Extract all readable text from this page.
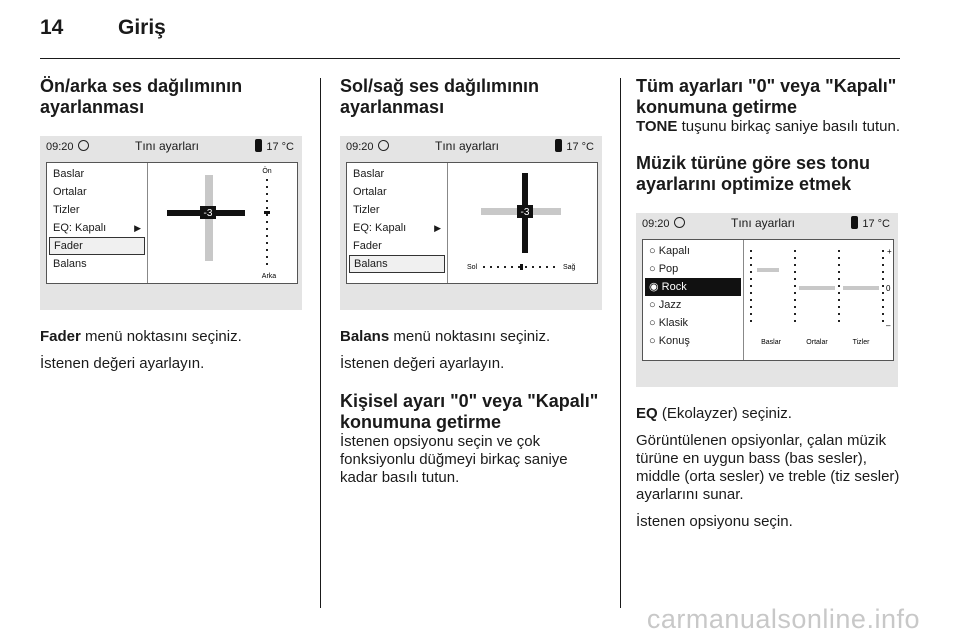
14	Giriş
Ön/arka ses dağılımının ayarlanması
09:20	Tını ayarları	17 °C
Baslar
Ortalar
Tizler
EQ: Kapalı	▶
Fader
Balans
-3
Ön
Arka

Fader menü noktasını seçiniz.

İstenen değeri ayarlayın.

Sol/sağ ses dağılımının ayarlanması
09:20	Tını ayarları	17 °C
Baslar
Ortalar
Tizler
EQ: Kapalı	▶
Fader
Balans
-3
Sol	Sağ

Balans menü noktasını seçiniz.

İstenen değeri ayarlayın.

Kişisel ayarı "0" veya "Kapalı" konumuna getirme

İstenen opsiyonu seçin ve çok fonksiyonlu düğmeyi birkaç saniye kadar basılı tutun.

Tüm ayarları "0" veya "Kapalı" konumuna getirme

TONE tuşunu birkaç saniye basılı tutun.

Müzik türüne göre ses tonu ayarlarını optimize etmek
09:20	Tını ayarları	17 °C
○ Kapalı
○ Pop
◉ Rock
○ Jazz
○ Klasik
○ Konuş
+
0
–
Baslar	Ortalar	Tizler

EQ (Ekolayzer) seçiniz.

Görüntülenen opsiyonlar, çalan müzik türüne en uygun bass (bas sesler), middle (orta sesler) ve treble (tiz sesler) ayarlarını sunar.

İstenen opsiyonu seçin.

carmanualsonline.info
